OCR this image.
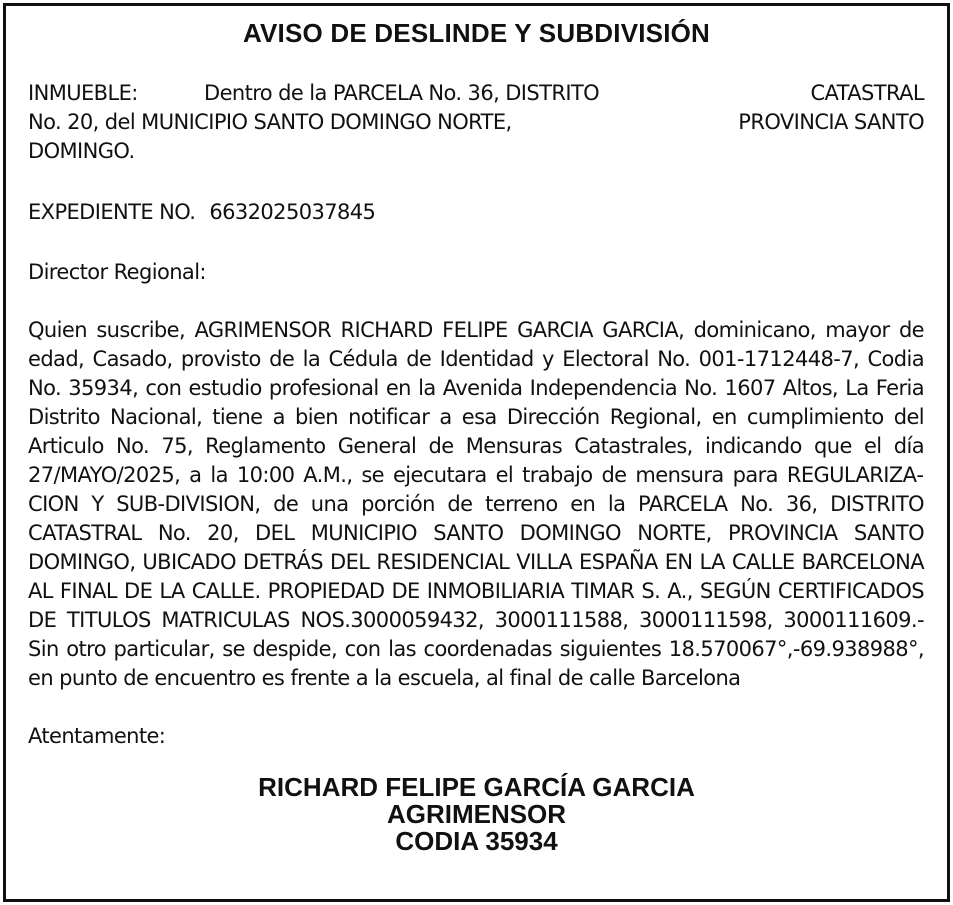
AVISO DE DESLINDE Y SUBDIVISIÓN
INMUEBLE:	Dentro de la PARCELA No. 36, DISTRITO	CATASTRAL
No. 20, del MUNICIPIO SANTO DOMINGO NORTE,	PROVINCIA SANTO
DOMINGO.
EXPEDIENTE NO. 6632025037845
Director Regional:
Quien suscribe, AGRIMENSOR RICHARD FELIPE GARCIA GARCIA, dominicano, mayor de edad, Casado, provisto de la Cédula de Identidad y Electoral No. 001-1712448-7, Codia No. 35934, con estudio profesional en la Avenida Independencia No. 1607 Altos, La Feria Distrito Nacional, tiene a bien notificar a esa Dirección Regional, en cumplimiento del Articulo No. 75, Reglamento General de Mensuras Catastrales, indicando que el día 27/MAYO/2025, a la 10:00 A.M., se ejecutara el trabajo de mensura para REGULARIZACION Y SUB-DIVISION, de una porción de terreno en la PARCELA No. 36, DISTRITO CATASTRAL No. 20, DEL MUNICIPIO SANTO DOMINGO NORTE, PROVINCIA SANTO DOMINGO, UBICADO DETRÁS DEL RESIDENCIAL VILLA ESPAÑA EN LA CALLE BARCELONA AL FINAL DE LA CALLE. PROPIEDAD DE INMOBILIARIA TIMAR S. A., SEGÚN CERTIFICADOS DE TITULOS MATRICULAS NOS.3000059432, 3000111588, 3000111598, 3000111609.-Sin otro particular, se despide, con las coordenadas siguientes 18.570067°,-69.938988°, en punto de encuentro es frente a la escuela, al final de calle Barcelona
Atentamente:
RICHARD FELIPE GARCÍA GARCIA
AGRIMENSOR
CODIA 35934
